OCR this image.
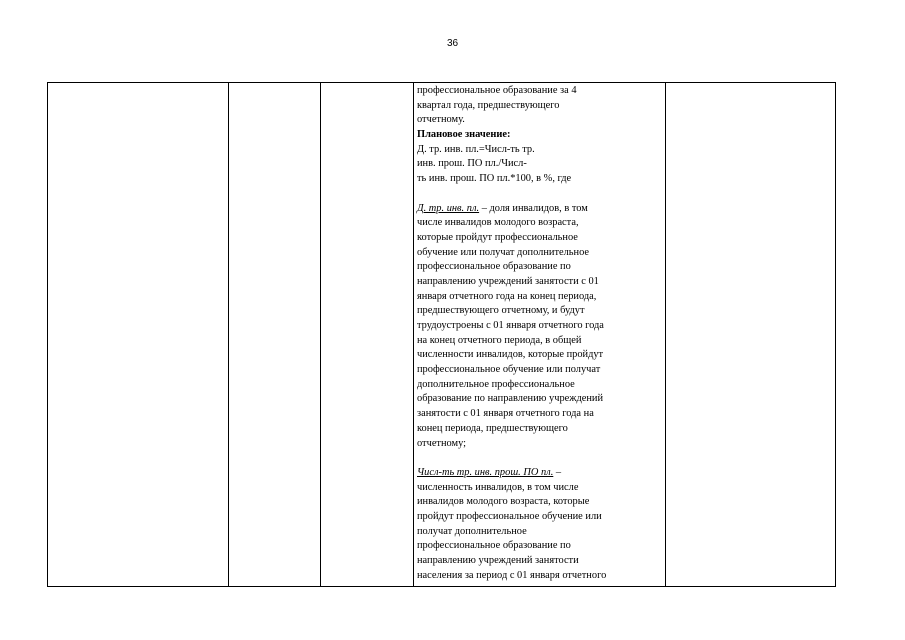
36

профессиональное образование за 4
квартал года, предшествующего
отчетному.
Плановое значение:
Д. тр. инв. пл.=Числ-ть тр.
инв. прош. ПО пл./Числ-
ть инв. прош. ПО пл.*100, в %, где
Д. тр. инв. пл. – доля инвалидов, в том
числе инвалидов молодого возраста,
которые пройдут профессиональное
обучение или получат дополнительное
профессиональное образование по
направлению учреждений занятости с 01
января отчетного года на конец периода,
предшествующего отчетному, и будут
трудоустроены с 01 января отчетного года
на конец отчетного периода, в общей
численности инвалидов, которые пройдут
профессиональное обучение или получат
дополнительное профессиональное
образование по направлению учреждений
занятости с 01 января отчетного года на
конец периода, предшествующего
отчетному;
Числ-ть тр. инв. прош. ПО пл. –
численность инвалидов, в том числе
инвалидов молодого возраста, которые
пройдут профессиональное обучение или
получат дополнительное
профессиональное образование по
направлению учреждений занятости
населения за период с 01 января отчетного
